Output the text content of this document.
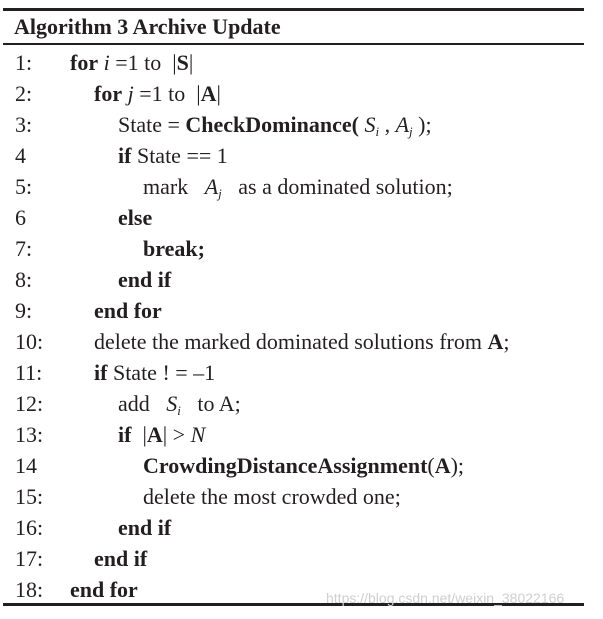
Algorithm 3 Archive Update
1: for i =1 to  |S|
2:	for j =1 to  |A|
3:	State = CheckDominance( $S_i$ , $A_j$ );
4	if State == 1
5:	mark   $A_j$   as a dominated solution;
6	else
7:	break;
8:	end if
9:	end for
10: delete the marked dominated solutions from A;
11: if State ! = –1
12:	add   $S_i$   to A;
13:	if  |A| > N
14	CrowdingDistanceAssignment(A);
15:	delete the most crowded one;
16:	end if
17: end if
18: end for	https://blog.csdn.net/weixin_38022166
